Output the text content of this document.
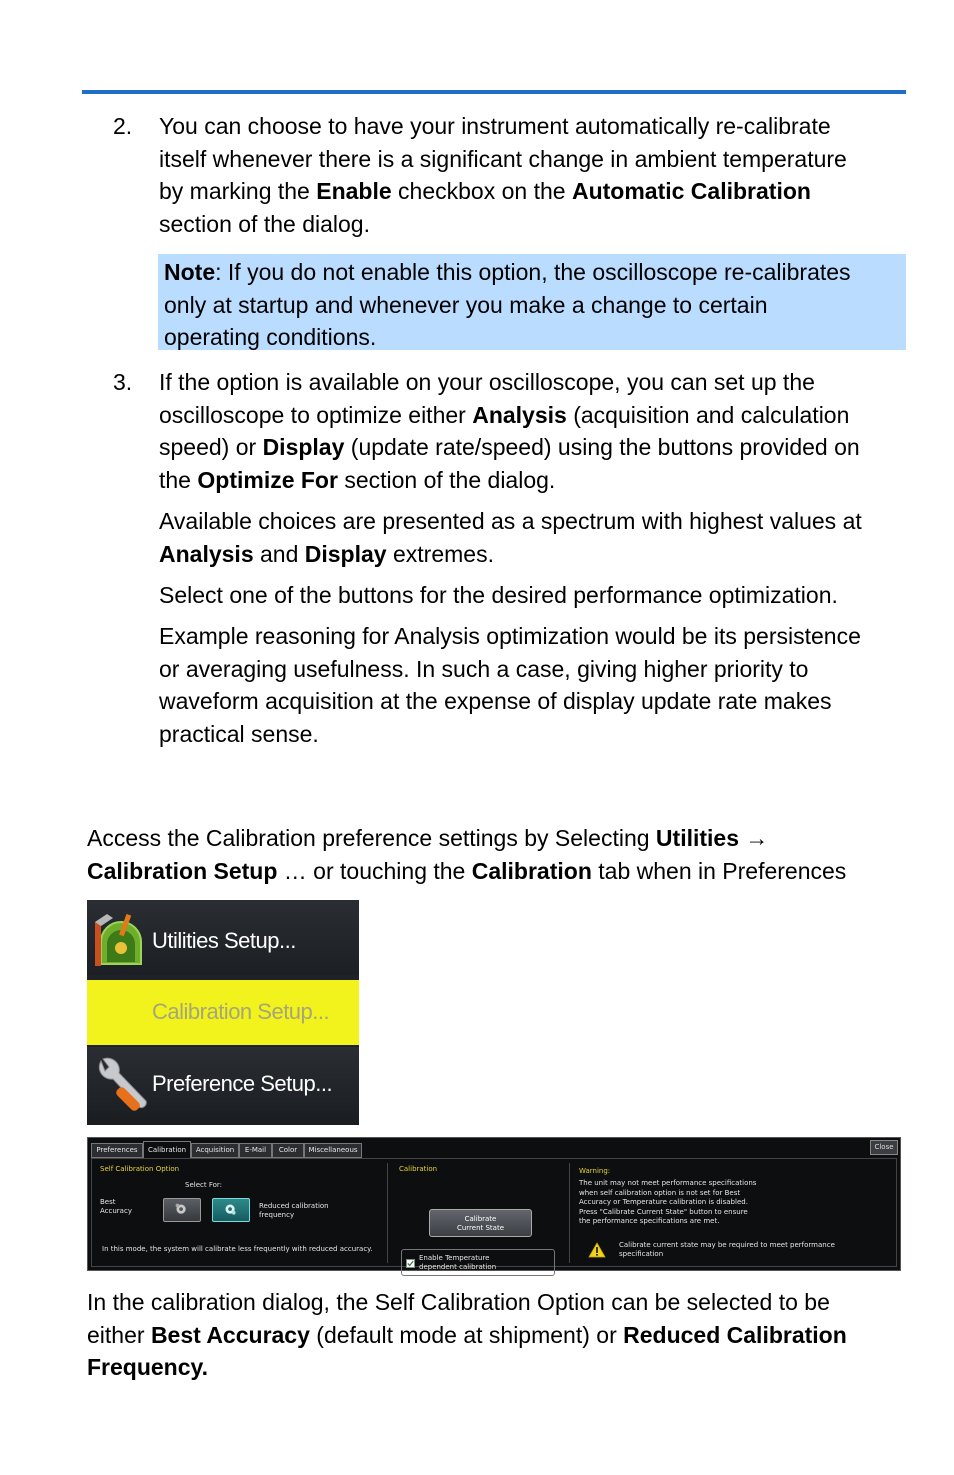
2. You can choose to have your instrument automatically re-calibrate
itself whenever there is a significant change in ambient temperature
by marking the Enable checkbox on the Automatic Calibration
section of the dialog.
Note: If you do not enable this option, the oscilloscope re-calibrates
only at startup and whenever you make a change to certain
operating conditions.
3. If the option is available on your oscilloscope, you can set up the
oscilloscope to optimize either Analysis (acquisition and calculation
speed) or Display (update rate/speed) using the buttons provided on
the Optimize For section of the dialog.
Available choices are presented as a spectrum with highest values at
Analysis and Display extremes.
Select one of the buttons for the desired performance optimization.
Example reasoning for Analysis optimization would be its persistence
or averaging usefulness. In such a case, giving higher priority to
waveform acquisition at the expense of display update rate makes
practical sense.
Access the Calibration preference settings by Selecting Utilities →
Calibration Setup … or touching the Calibration tab when in Preferences
Utilities Setup...
Calibration Setup...
Preference Setup...
Preferences	Calibration	Acquisition	E-Mail	Color	Miscellaneous	Close
Self Calibration Option
Select For:
Best
Accuracy
Reduced calibration
frequency
In this mode, the system will calibrate less frequently with reduced accuracy.
Calibration
Calibrate
Current State
Enable Temperature
dependent calibration
Warning:
The unit may not meet performance specifications
when self calibration option is not set for Best
Accuracy or Temperature calibration is disabled.
Press "Calibrate Current State" button to ensure
the performance specifications are met.
Calibrate current state may be required to meet performance
specification
In the calibration dialog, the Self Calibration Option can be selected to be
either Best Accuracy (default mode at shipment) or Reduced Calibration
Frequency.
